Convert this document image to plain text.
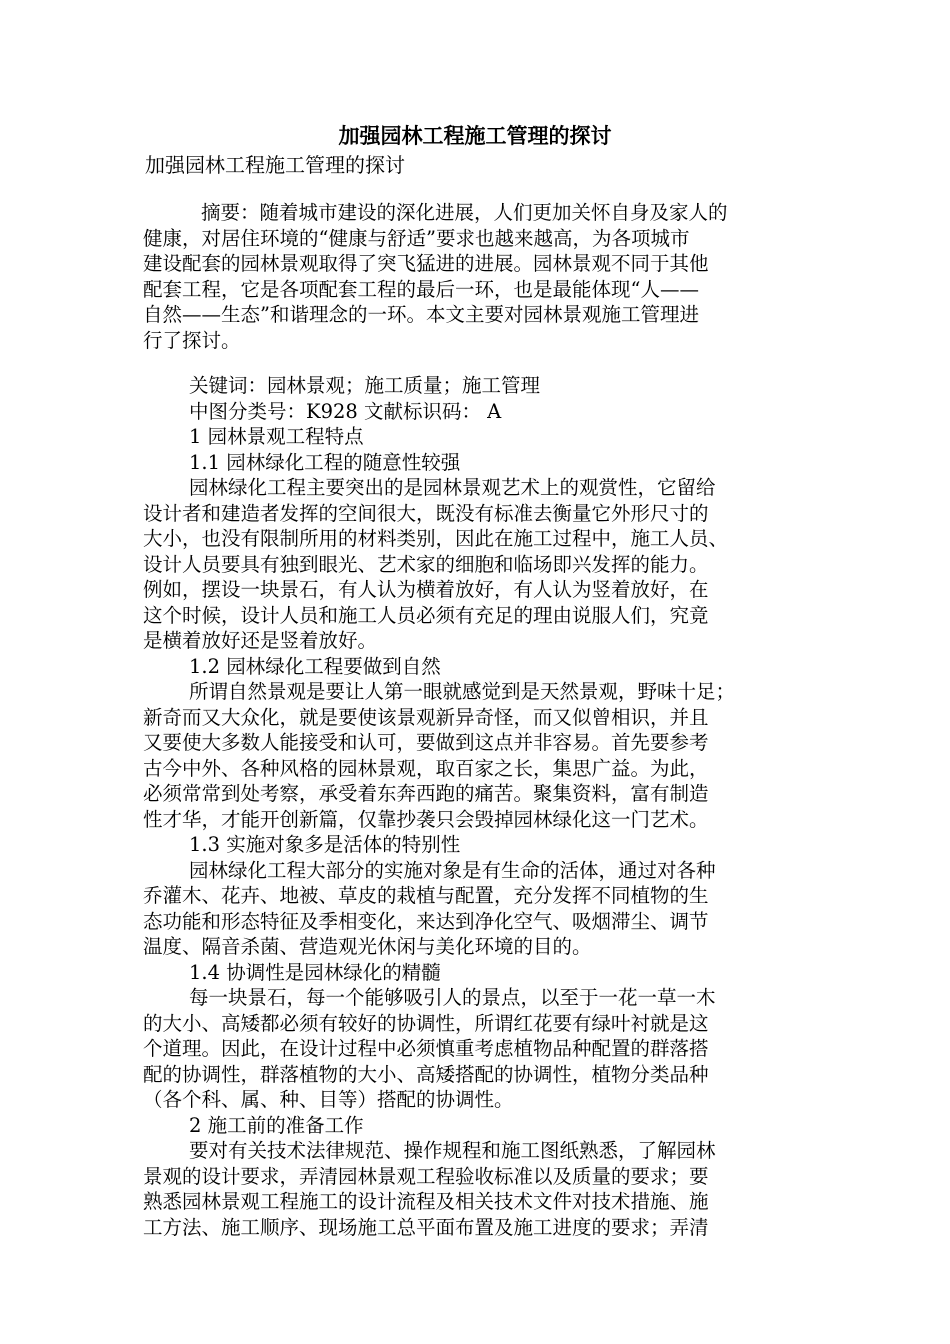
加强园林工程施工管理的探讨
加强园林工程施工管理的探讨
摘要：随着城市建设的深化进展，人们更加关怀自身及家人的
健康，对居住环境的“健康与舒适”要求也越来越高，为各项城市
建设配套的园林景观取得了突飞猛进的进展。园林景观不同于其他
配套工程，它是各项配套工程的最后一环，也是最能体现“人——
自然——生态”和谐理念的一环。本文主要对园林景观施工管理进
行了探讨。
关键词：园林景观；施工质量；施工管理
中图分类号：K928 文献标识码： A
1 园林景观工程特点
1.1 园林绿化工程的随意性较强
园林绿化工程主要突出的是园林景观艺术上的观赏性，它留给
设计者和建造者发挥的空间很大，既没有标准去衡量它外形尺寸的
大小，也没有限制所用的材料类别，因此在施工过程中，施工人员、
设计人员要具有独到眼光、艺术家的细胞和临场即兴发挥的能力。
例如，摆设一块景石，有人认为横着放好，有人认为竖着放好，在
这个时候，设计人员和施工人员必须有充足的理由说服人们，究竟
是横着放好还是竖着放好。
1.2 园林绿化工程要做到自然
所谓自然景观是要让人第一眼就感觉到是天然景观，野味十足；
新奇而又大众化，就是要使该景观新异奇怪，而又似曾相识，并且
又要使大多数人能接受和认可，要做到这点并非容易。首先要参考
古今中外、各种风格的园林景观，取百家之长，集思广益。为此，
必须常常到处考察，承受着东奔西跑的痛苦。聚集资料，富有制造
性才华，才能开创新篇，仅靠抄袭只会毁掉园林绿化这一门艺术。
1.3 实施对象多是活体的特别性
园林绿化工程大部分的实施对象是有生命的活体，通过对各种
乔灌木、花卉、地被、草皮的栽植与配置，充分发挥不同植物的生
态功能和形态特征及季相变化，来达到净化空气、吸烟滞尘、调节
温度、隔音杀菌、营造观光休闲与美化环境的目的。
1.4 协调性是园林绿化的精髓
每一块景石，每一个能够吸引人的景点，以至于一花一草一木
的大小、高矮都必须有较好的协调性，所谓红花要有绿叶衬就是这
个道理。因此，在设计过程中必须慎重考虑植物品种配置的群落搭
配的协调性，群落植物的大小、高矮搭配的协调性，植物分类品种
（各个科、属、种、目等）搭配的协调性。
2 施工前的准备工作
要对有关技术法律规范、操作规程和施工图纸熟悉，了解园林
景观的设计要求，弄清园林景观工程验收标准以及质量的要求；要
熟悉园林景观工程施工的设计流程及相关技术文件对技术措施、施
工方法、施工顺序、现场施工总平面布置及施工进度的要求；弄清
